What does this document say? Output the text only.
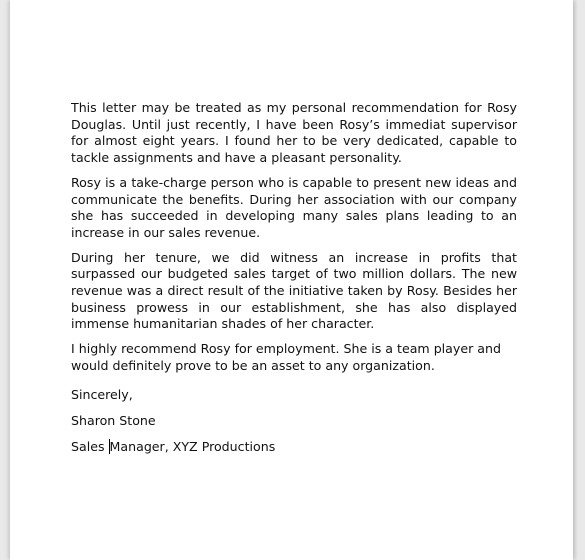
This letter may be treated as my personal recommendation for Rosy Douglas. Until just recently, I have been Rosy’s immediat supervisor for almost eight years. I found her to be very dedicated, capable to tackle assignments and have a pleasant personality.

Rosy is a take-charge person who is capable to present new ideas and communicate the benefits. During her association with our company she has succeeded in developing many sales plans leading to an increase in our sales revenue.

During her tenure, we did witness an increase in profits that surpassed our budgeted sales target of two million dollars. The new revenue was a direct result of the initiative taken by Rosy. Besides her business prowess in our establishment, she has also displayed immense humanitarian shades of her character.

I highly recommend Rosy for employment. She is a team player and would definitely prove to be an asset to any organization.

Sincerely,
Sharon Stone
Sales Manager, XYZ Productions
